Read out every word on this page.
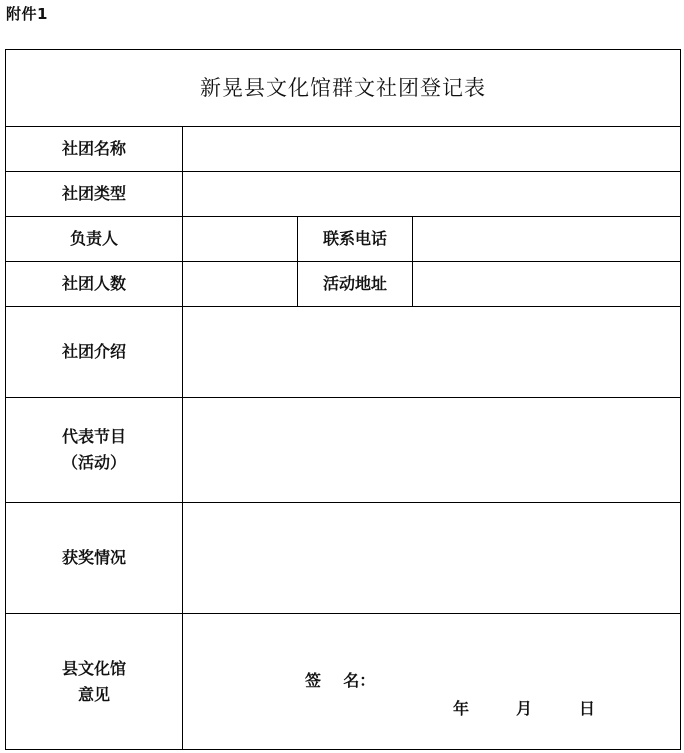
附件1
新晃县文化馆群文社团登记表			
社团名称			
社团类型			
负责人		联系电话	
社团人数		活动地址	
社团介绍			

代表节目
（活动）			

获奖情况			

县文化馆
意见	签    名：
年 月 日		
